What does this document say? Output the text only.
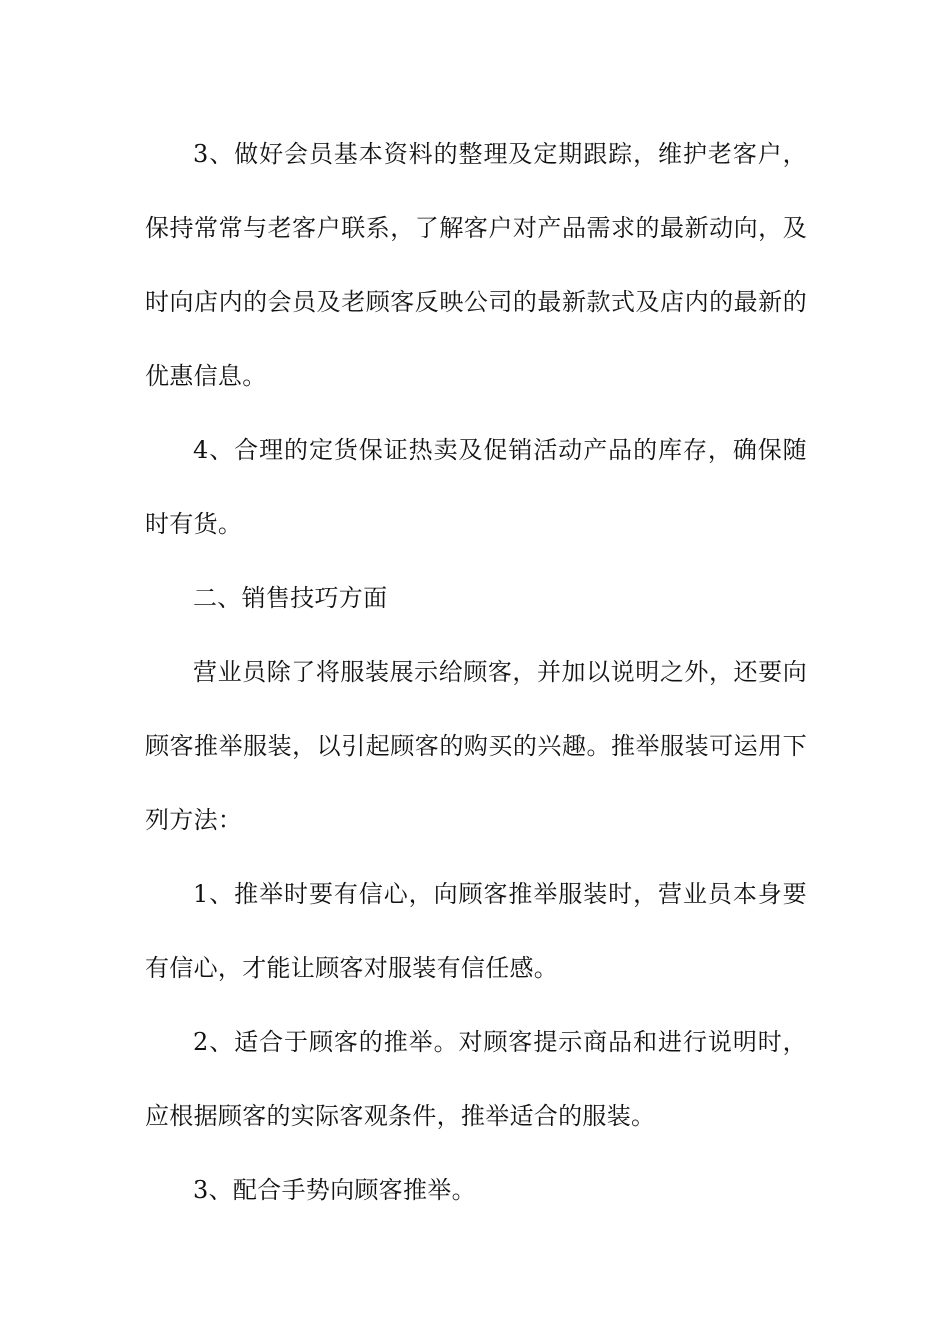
3、做好会员基本资料的整理及定期跟踪，维护老客户，保持常常与老客户联系，了解客户对产品需求的最新动向，及时向店内的会员及老顾客反映公司的最新款式及店内的最新的优惠信息。

4、合理的定货保证热卖及促销活动产品的库存，确保随时有货。

二、销售技巧方面

营业员除了将服装展示给顾客，并加以说明之外，还要向顾客推举服装，以引起顾客的购买的兴趣。推举服装可运用下列方法：

1、推举时要有信心，向顾客推举服装时，营业员本身要有信心，才能让顾客对服装有信任感。

2、适合于顾客的推举。对顾客提示商品和进行说明时，应根据顾客的实际客观条件，推举适合的服装。

3、配合手势向顾客推举。
